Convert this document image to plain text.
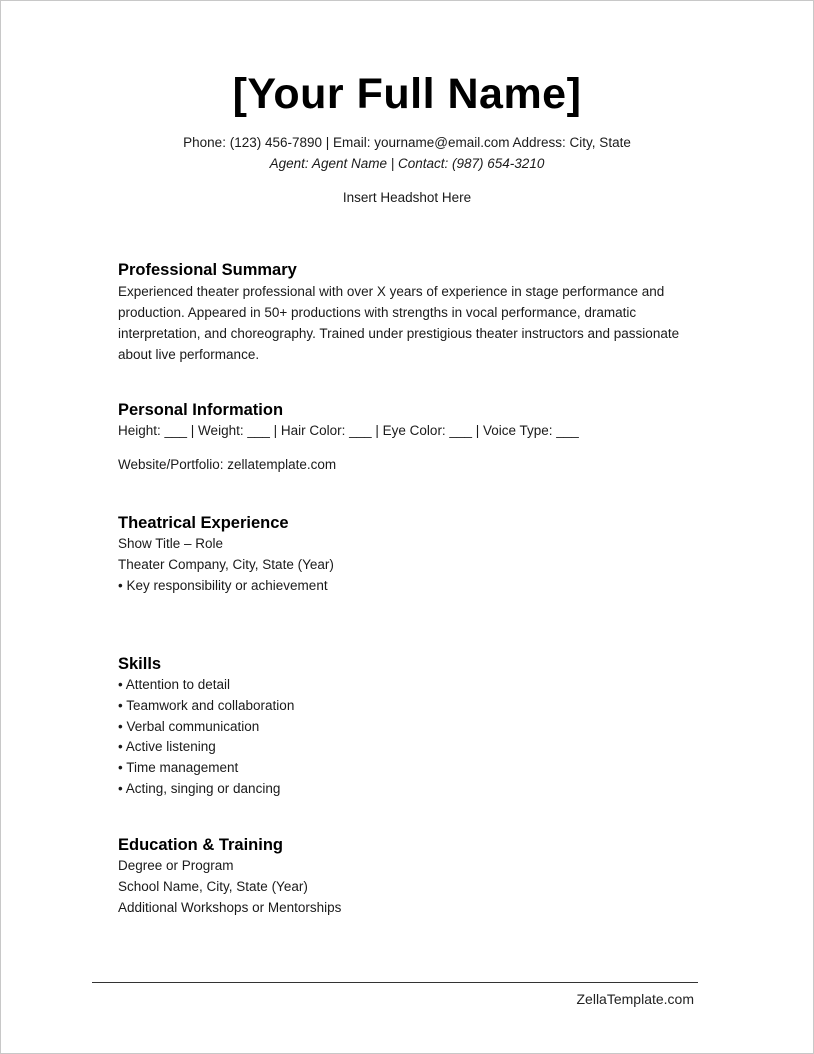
[Your Full Name]
Phone: (123) 456-7890 | Email: yourname@email.com Address: City, State
Agent: Agent Name | Contact: (987) 654-3210
Insert Headshot Here
Professional Summary

Experienced theater professional with over X years of experience in stage performance and production. Appeared in 50+ productions with strengths in vocal performance, dramatic interpretation, and choreography. Trained under prestigious theater instructors and passionate about live performance.

Personal Information
Height: ___ | Weight: ___ | Hair Color: ___ | Eye Color: ___ | Voice Type: ___
Website/Portfolio: zellatemplate.com
Theatrical Experience
Show Title – Role
Theater Company, City, State (Year)
• Key responsibility or achievement
Skills
• Attention to detail
• Teamwork and collaboration
• Verbal communication
• Active listening
• Time management
• Acting, singing or dancing
Education & Training
Degree or Program
School Name, City, State (Year)
Additional Workshops or Mentorships
ZellaTemplate.com
